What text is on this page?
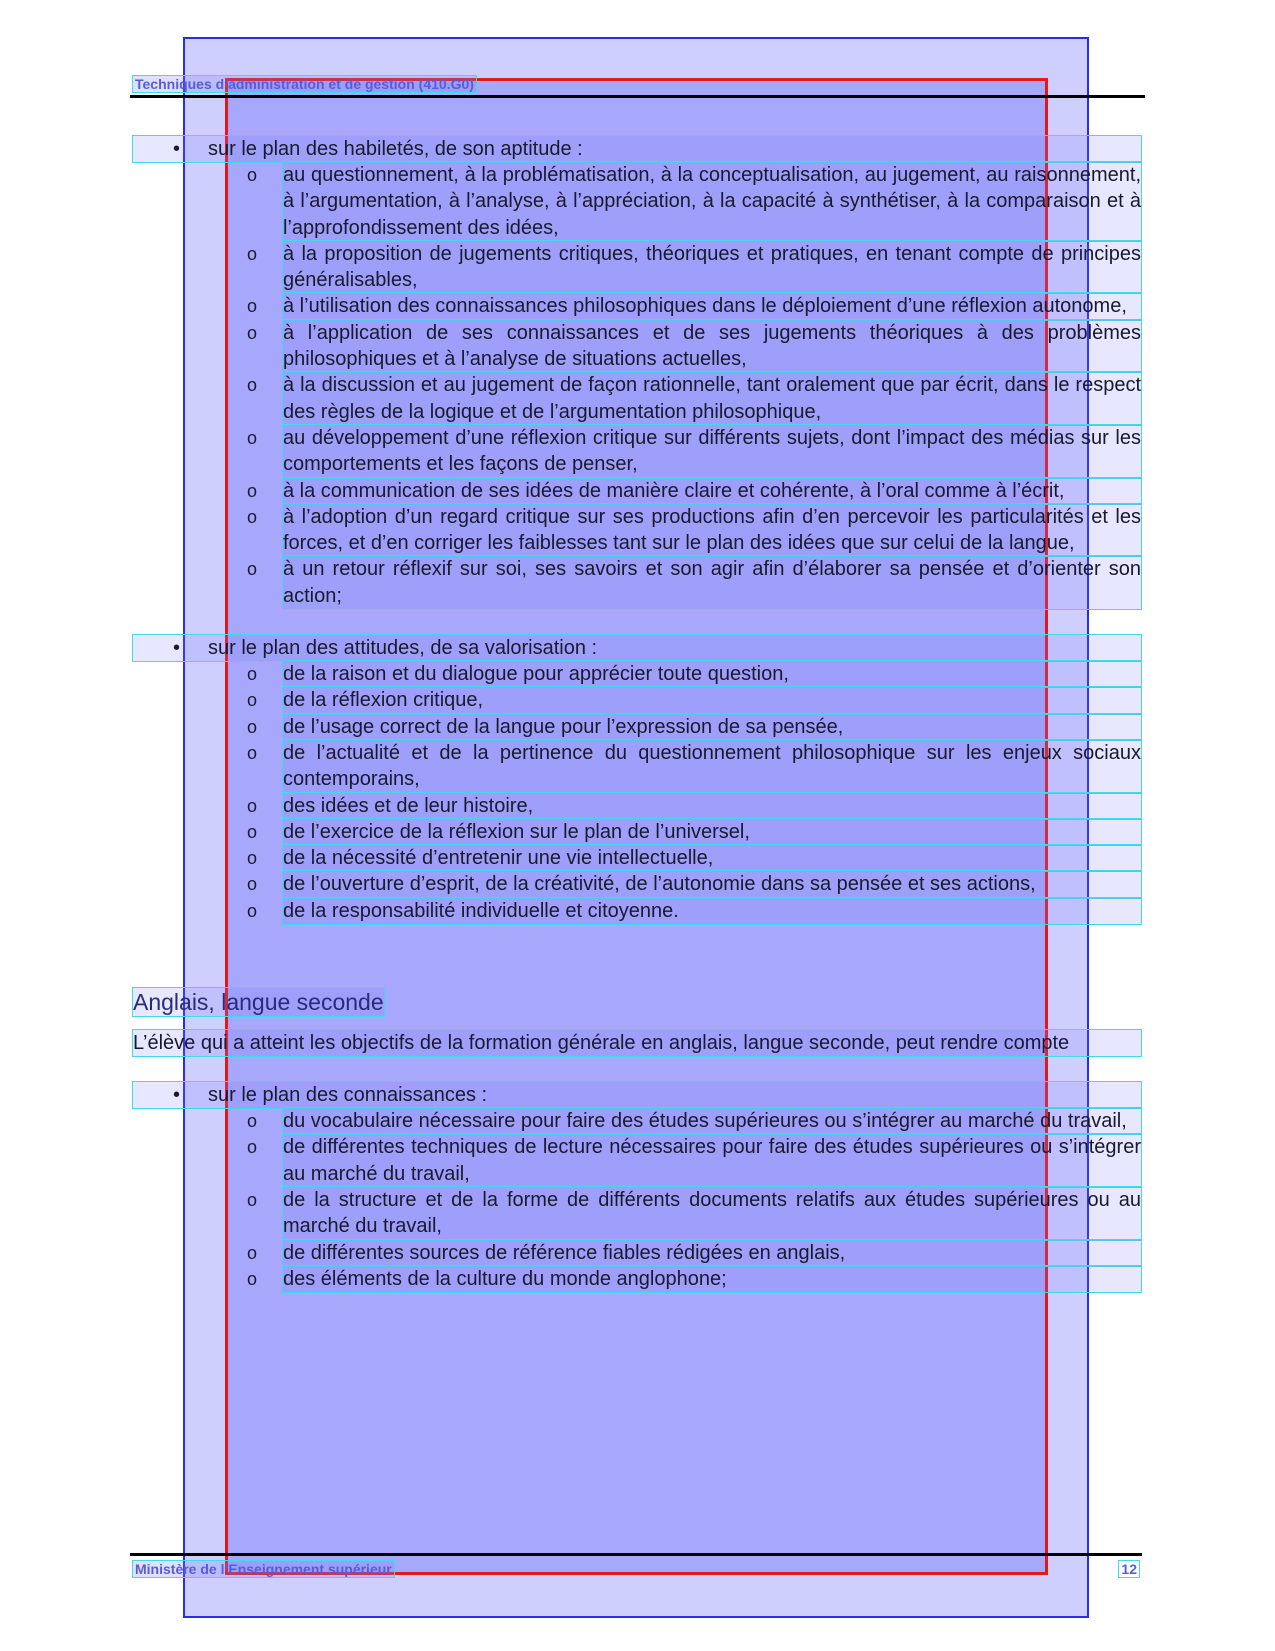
Techniques d’administration et de gestion (410.G0)

• sur le plan des habiletés, de son aptitude :

o au questionnement, à la problématisation, à la conceptualisation, au jugement, au raisonnement, à l’argumentation, à l’analyse, à l’appréciation, à la capacité à synthétiser, à la comparaison et à l’approfondissement des idées,
o à la proposition de jugements critiques, théoriques et pratiques, en tenant compte de principes généralisables,
o à l’utilisation des connaissances philosophiques dans le déploiement d’une réflexion autonome,
o à l’application de ses connaissances et de ses jugements théoriques à des problèmes philosophiques et à l’analyse de situations actuelles,
o à la discussion et au jugement de façon rationnelle, tant oralement que par écrit, dans le respect des règles de la logique et de l’argumentation philosophique,
o au développement d’une réflexion critique sur différents sujets, dont l’impact des médias sur les comportements et les façons de penser,
o à la communication de ses idées de manière claire et cohérente, à l’oral comme à l’écrit,
o à l’adoption d’un regard critique sur ses productions afin d’en percevoir les particularités et les forces, et d’en corriger les faiblesses tant sur le plan des idées que sur celui de la langue,
o à un retour réflexif sur soi, ses savoirs et son agir afin d’élaborer sa pensée et d’orienter son action;

• sur le plan des attitudes, de sa valorisation :

o de la raison et du dialogue pour apprécier toute question,
o de la réflexion critique,
o de l’usage correct de la langue pour l’expression de sa pensée,
o de l’actualité et de la pertinence du questionnement philosophique sur les enjeux sociaux contemporains,
o des idées et de leur histoire,
o de l’exercice de la réflexion sur le plan de l’universel,
o de la nécessité d’entretenir une vie intellectuelle,
o de l’ouverture d’esprit, de la créativité, de l’autonomie dans sa pensée et ses actions,
o de la responsabilité individuelle et citoyenne.
Anglais, langue seconde

L’élève qui a atteint les objectifs de la formation générale en anglais, langue seconde, peut rendre compte

• sur le plan des connaissances :

o du vocabulaire nécessaire pour faire des études supérieures ou s’intégrer au marché du travail,
o de différentes techniques de lecture nécessaires pour faire des études supérieures ou s’intégrer au marché du travail,
o de la structure et de la forme de différents documents relatifs aux études supérieures ou au marché du travail,
o de différentes sources de référence fiables rédigées en anglais,
o des éléments de la culture du monde anglophone;
Ministère de l’Enseignement supérieur	12
